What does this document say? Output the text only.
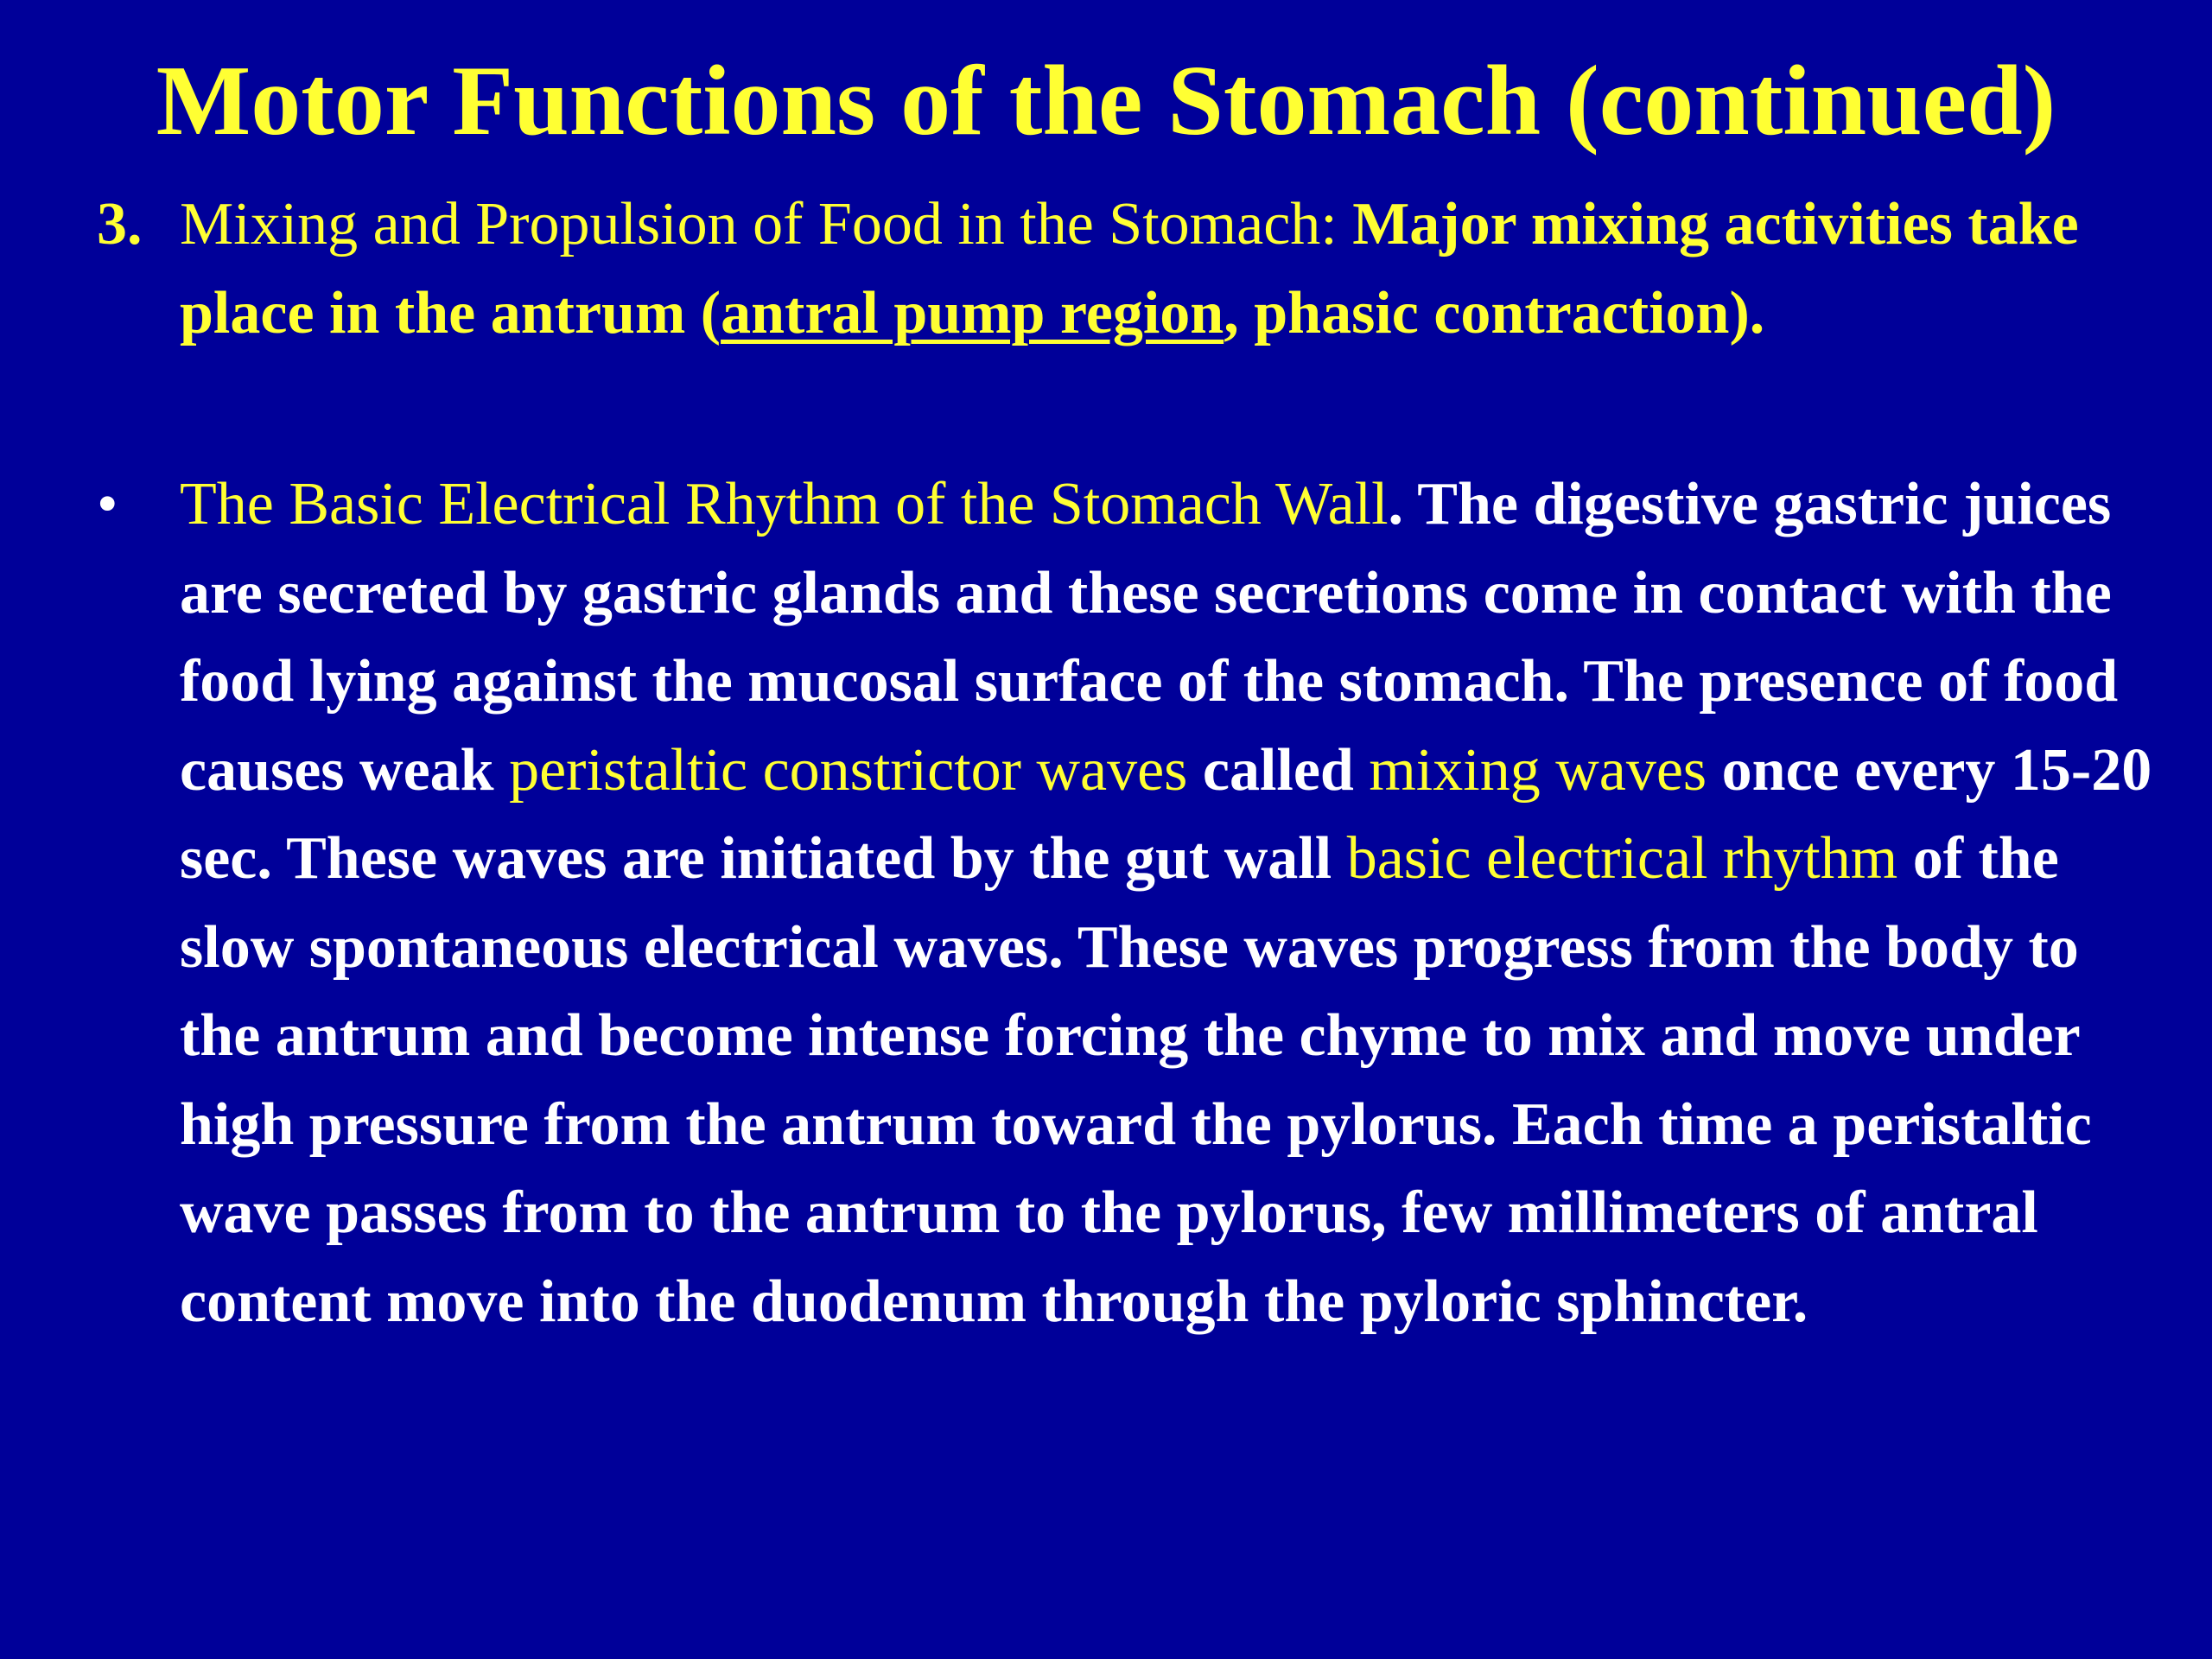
Motor Functions of the Stomach (continued)
3. Mixing and Propulsion of Food in the Stomach: Major mixing activities take place in the antrum (antral pump region, phasic contraction).
• The Basic Electrical Rhythm of the Stomach Wall. The digestive gastric juices are secreted by gastric glands and these secretions come in contact with the food lying against the mucosal surface of the stomach. The presence of food causes weak peristaltic constrictor waves called mixing waves once every 15-20 sec. These waves are initiated by the gut wall basic electrical rhythm of the slow spontaneous electrical waves. These waves progress from the body to the antrum and become intense forcing the chyme to mix and move under high pressure from the antrum toward the pylorus. Each time a peristaltic wave passes from to the antrum to the pylorus, few millimeters of antral content move into the duodenum through the pyloric sphincter.
